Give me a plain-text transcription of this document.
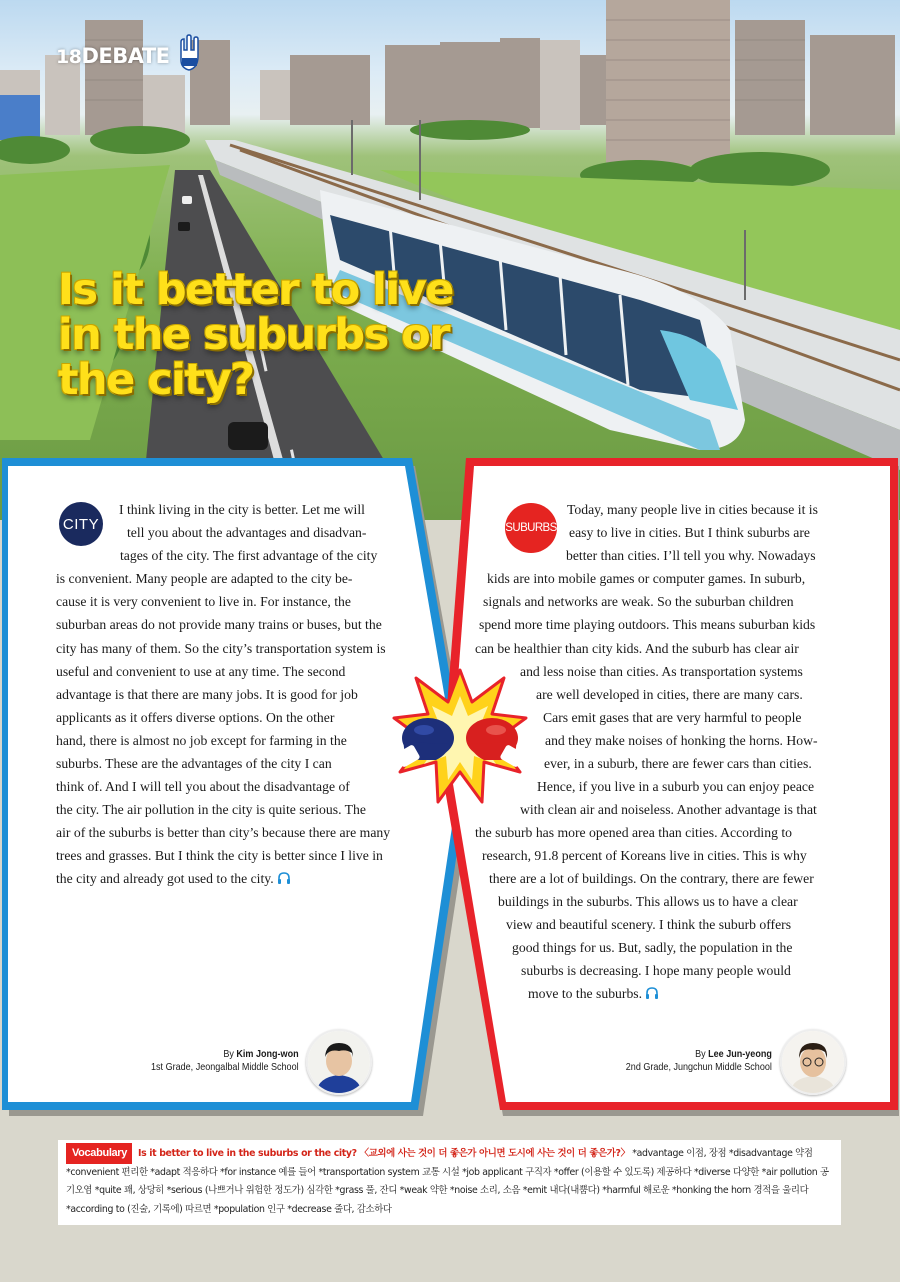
18DEBATE
Is it better to live
in the suburbs or
the city?
CITY
I think living in the city is better. Let me will
tell you about the advantages and disadvan-
tages of the city. The first advantage of the city
is convenient. Many people are adapted to the city be-
cause it is very convenient to live in. For instance, the
suburban areas do not provide many trains or buses, but the
city has many of them. So the city’s transportation system is
useful and convenient to use at any time. The second
advantage is that there are many jobs. It is good for job
applicants as it offers diverse options. On the other
hand, there is almost no job except for farming in the
suburbs. These are the advantages of the city I can
think of. And I will tell you about the disadvantage of
the city. The air pollution in the city is quite serious. The
air of the suburbs is better than city’s because there are many
trees and grasses. But I think the city is better since I live in
the city and already got used to the city.
By Kim Jong-won
1st Grade, Jeongalbal Middle School
SUBURBS
Today, many people live in cities because it is
easy to live in cities. But I think suburbs are
better than cities. I’ll tell you why. Nowadays
kids are into mobile games or computer games. In suburb,
signals and networks are weak. So the suburban children
spend more time playing outdoors. This means suburban kids
can be healthier than city kids. And the suburb has clear air
and less noise than cities. As transportation systems
are well developed in cities, there are many cars.
Cars emit gases that are very harmful to people
and they make noises of honking the horns. How-
ever, in a suburb, there are fewer cars than cities.
Hence, if you live in a suburb you can enjoy peace
with clean air and noiseless. Another advantage is that
the suburb has more opened area than cities. According to
research, 91.8 percent of Koreans live in cities. This is why
there are a lot of buildings. On the contrary, there are fewer
buildings in the suburbs. This allows us to have a clear
view and beautiful scenery. I think the suburb offers
good things for us. But, sadly, the population in the
suburbs is decreasing. I hope many people would
move to the suburbs.
By Lee Jun-yeong
2nd Grade, Jungchun Middle School
Vocabulary Is it better to live in the suburbs or the city? 〈교외에 사는 것이 더 좋은가 아니면 도시에 사는 것이 더 좋은가?〉 *advantage 이점, 장점 *disadvantage 약점 *convenient 편리한 *adapt 적응하다 *for instance 예를 들어 *transportation system 교통 시설 *job applicant 구직자 *offer (이용할 수 있도록) 제공하다 *diverse 다양한 *air pollution 공기오염 *quite 꽤, 상당히 *serious (나쁘거나 위험한 정도가) 심각한 *grass 풀, 잔디 *weak 약한 *noise 소리, 소음 *emit 내다(내뿜다) *harmful 해로운 *honking the horn 경적을 울리다 *according to (진술, 기록에) 따르면 *population 인구 *decrease 줄다, 감소하다
